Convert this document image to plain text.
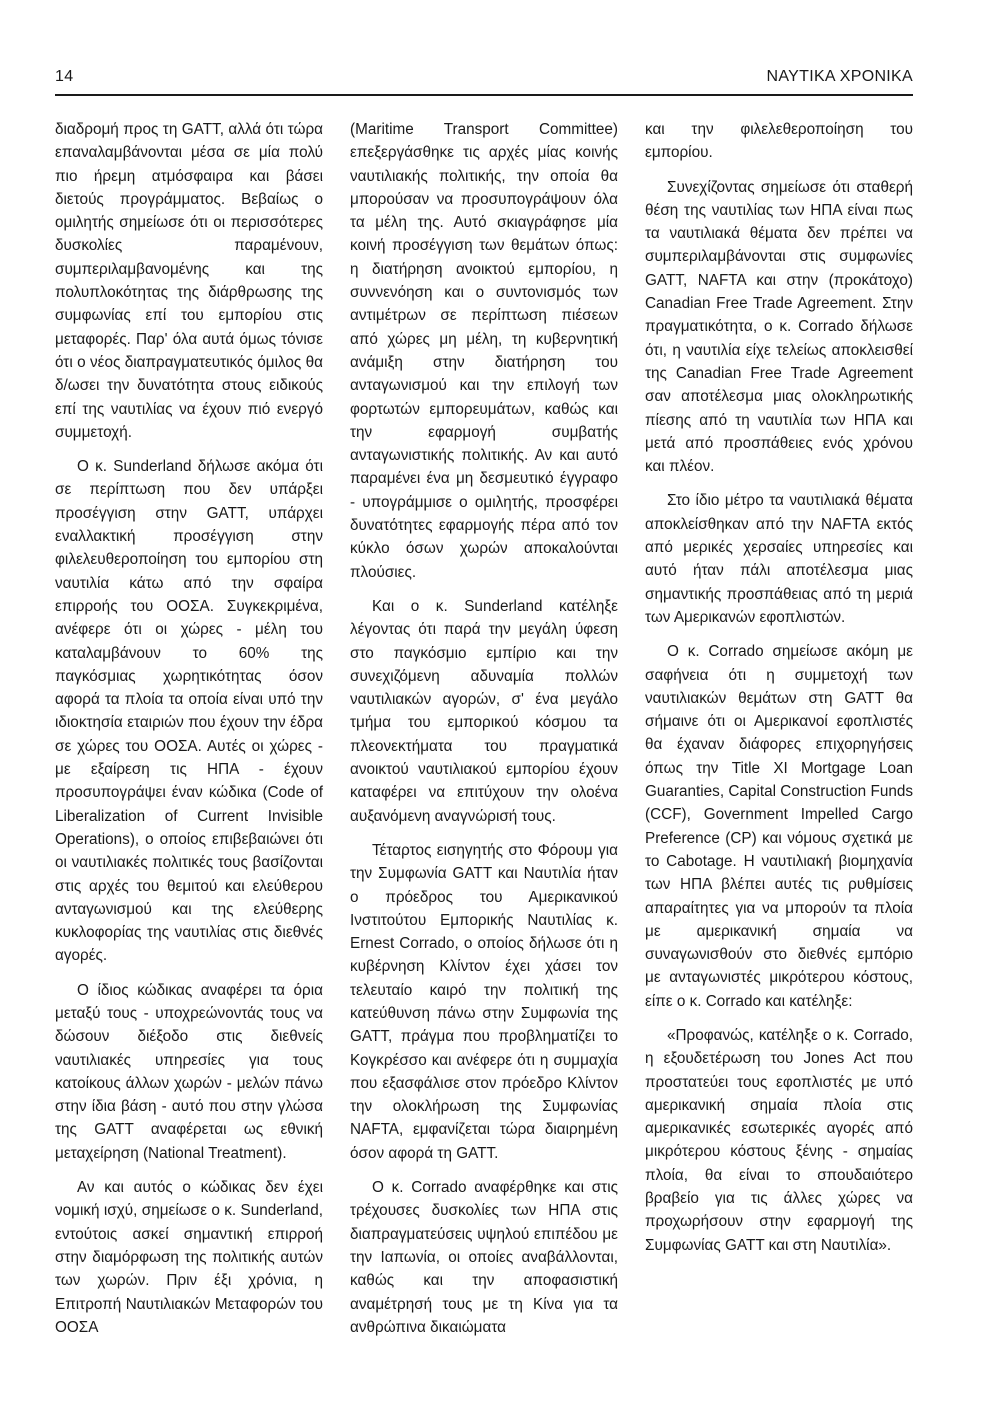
14	ΝΑΥΤΙΚΑ ΧΡΟΝΙΚΑ

διαδρομή προς τη GATT, αλλά ότι τώρα επαναλαμβάνονται μέσα σε μία πολύ πιο ήρεμη ατμόσφαιρα και βάσει διετούς προγράμματος. Βεβαίως ο ομιλητής σημείωσε ότι οι περισσότερες δυσκολίες παραμένουν, συμπεριλαμβανομένης και της πολυπλοκότητας της διάρθρωσης της συμφωνίας επί του εμπορίου στις μεταφορές. Παρ' όλα αυτά όμως τόνισε ότι ο νέος διαπραγματευτικός όμιλος θα δ/ωσει την δυνατότητα στους ειδικούς επί της ναυτιλίας να έχουν πιό ενεργό συμμετοχή.

Ο κ. Sunderland δήλωσε ακόμα ότι σε περίπτωση που δεν υπάρξει προσέγγιση στην GATT, υπάρχει εναλλακτική προσέγγιση στην φιλελευθεροποίηση του εμπορίου στη ναυτιλία κάτω από την σφαίρα επιρροής του ΟΟΣΑ. Συγκεκριμένα, ανέφερε ότι οι χώρες - μέλη του καταλαμβάνουν το 60% της παγκόσμιας χωρητικότητας όσον αφορά τα πλοία τα οποία είναι υπό την ιδιοκτησία εταιριών που έχουν την έδρα σε χώρες του ΟΟΣΑ. Αυτές οι χώρες - με εξαίρεση τις ΗΠΑ - έχουν προσυπογράψει έναν κώδικα (Code of Liberalization of Current Invisible Operations), ο οποίος επιβεβαιώνει ότι οι ναυτιλιακές πολιτικές τους βασίζονται στις αρχές του θεμιτού και ελεύθερου ανταγωνισμού και της ελεύθερης κυκλοφορίας της ναυτιλίας στις διεθνές αγορές.

Ο ίδιος κώδικας αναφέρει τα όρια μεταξύ τους - υποχρεώνοντάς τους να δώσουν διέξοδο στις διεθνείς ναυτιλιακές υπηρεσίες για τους κατοίκους άλλων χωρών - μελών πάνω στην ίδια βάση - αυτό που στην γλώσα της GATT αναφέρεται ως εθνική μεταχείρηση (National Treatment).

Αν και αυτός ο κώδικας δεν έχει νομική ισχύ, σημείωσε ο κ. Sunderland, εντούτοις ασκεί σημαντική επιρροή στην διαμόρφωση της πολιτικής αυτών των χωρών. Πριν έξι χρόνια, η Επιτροπή Ναυτιλιακών Μεταφορών του ΟΟΣΑ

(Maritime Transport Committee) επεξεργάσθηκε τις αρχές μίας κοινής ναυτιλιακής πολιτικής, την οποία θα μπορούσαν να προσυπογράψουν όλα τα μέλη της. Αυτό σκιαγράφησε μία κοινή προσέγγιση των θεμάτων όπως: η διατήρηση ανοικτού εμπορίου, η συννενόηση και ο συντονισμός των αντιμέτρων σε περίπτωση πιέσεων από χώρες μη μέλη, τη κυβερνητική ανάμιξη στην διατήρηση του ανταγωνισμού και την επιλογή των φορτωτών εμπορευμάτων, καθώς και την εφαρμογή συμβατής ανταγωνιστικής πολιτικής. Αν και αυτό παραμένει ένα μη δεσμευτικό έγγραφο - υπογράμμισε ο ομιλητής, προσφέρει δυνατότητες εφαρμογής πέρα από τον κύκλο όσων χωρών αποκαλούνται πλούσιες.

Και ο κ. Sunderland κατέληξε λέγοντας ότι παρά την μεγάλη ύφεση στο παγκόσμιο εμπίριο και την συνεχιζόμενη αδυναμία πολλών ναυτιλιακών αγορών, σ' ένα μεγάλο τμήμα του εμπορικού κόσμου τα πλεονεκτήματα του πραγματικά ανοικτού ναυτιλιακού εμπορίου έχουν καταφέρει να επιτύχουν την ολοένα αυξανόμενη αναγνώρισή τους.

Τέταρτος εισηγητής στο Φόρουμ για την Συμφωνία GATT και Ναυτιλία ήταν ο πρόεδρος του Αμερικανικού Ινστιτούτου Εμπορικής Ναυτιλίας κ. Ernest Corrado, ο οποίος δήλωσε ότι η κυβέρνηση Κλίντον έχει χάσει τον τελευταίο καιρό την πολιτική της κατεύθυνση πάνω στην Συμφωνία της GATT, πράγμα που προβληματίζει το Κογκρέσσο και ανέφερε ότι η συμμαχία που εξασφάλισε στον πρόεδρο Κλίντον την ολοκλήρωση της Συμφωνίας NAFTA, εμφανίζεται τώρα διαιρημένη όσον αφορά τη GATT.

Ο κ. Corrado αναφέρθηκε και στις τρέχουσες δυσκολίες των ΗΠΑ στις διαπραγματεύσεις υψηλού επιπέδου με την Ιαπωνία, οι οποίες αναβάλλονται, καθώς και την αποφασιστική αναμέτρησή τους με τη Κίνα για τα ανθρώπινα δικαιώματα

και την φιλελεθεροποίηση του εμπορίου.

Συνεχίζοντας σημείωσε ότι σταθερή θέση της ναυτιλίας των ΗΠΑ είναι πως τα ναυτιλιακά θέματα δεν πρέπει να συμπεριλαμβάνονται στις συμφωνίες GATT, NAFTA και στην (προκάτοχο) Canadian Free Trade Agreement. Στην πραγματικότητα, ο κ. Corrado δήλωσε ότι, η ναυτιλία είχε τελείως αποκλεισθεί της Canadian Free Trade Agreement σαν αποτέλεσμα μιας ολοκληρωτικής πίεσης από τη ναυτιλία των ΗΠΑ και μετά από προσπάθειες ενός χρόνου και πλέον.

Στο ίδιο μέτρο τα ναυτιλιακά θέματα αποκλείσθηκαν από την NAFTA εκτός από μερικές χερσαίες υπηρεσίες και αυτό ήταν πάλι αποτέλεσμα μιας σημαντικής προσπάθειας από τη μεριά των Αμερικανών εφοπλιστών.

Ο κ. Corrado σημείωσε ακόμη με σαφήνεια ότι η συμμετοχή των ναυτιλιακών θεμάτων στη GATT θα σήμαινε ότι οι Αμερικανοί εφοπλιστές θα έχαναν διάφορες επιχορηγήσεις όπως την Title XI Mortgage Loan Guaranties, Capital Construction Funds (CCF), Government Impelled Cargo Preference (CP) και νόμους σχετικά με το Cabotage. Η ναυτιλιακή βιομηχανία των ΗΠΑ βλέπει αυτές τις ρυθμίσεις απαραίτητες για να μπορούν τα πλοία με αμερικανική σημαία να συναγωνισθούν στο διεθνές εμπόριο με ανταγωνιστές μικρότερου κόστους, είπε ο κ. Corrado και κατέληξε:

«Προφανώς, κατέληξε ο κ. Corrado, η εξουδετέρωση του Jones Act που προστατεύει τους εφοπλιστές με υπό αμερικανική σημαία πλοία στις αμερικανικές εσωτερικές αγορές από μικρότερου κόστους ξένης - σημαίας πλοία, θα είναι το σπουδαιότερο βραβείο για τις άλλες χώρες να προχωρήσουν στην εφαρμογή της Συμφωνίας GATT και στη Ναυτιλία».
